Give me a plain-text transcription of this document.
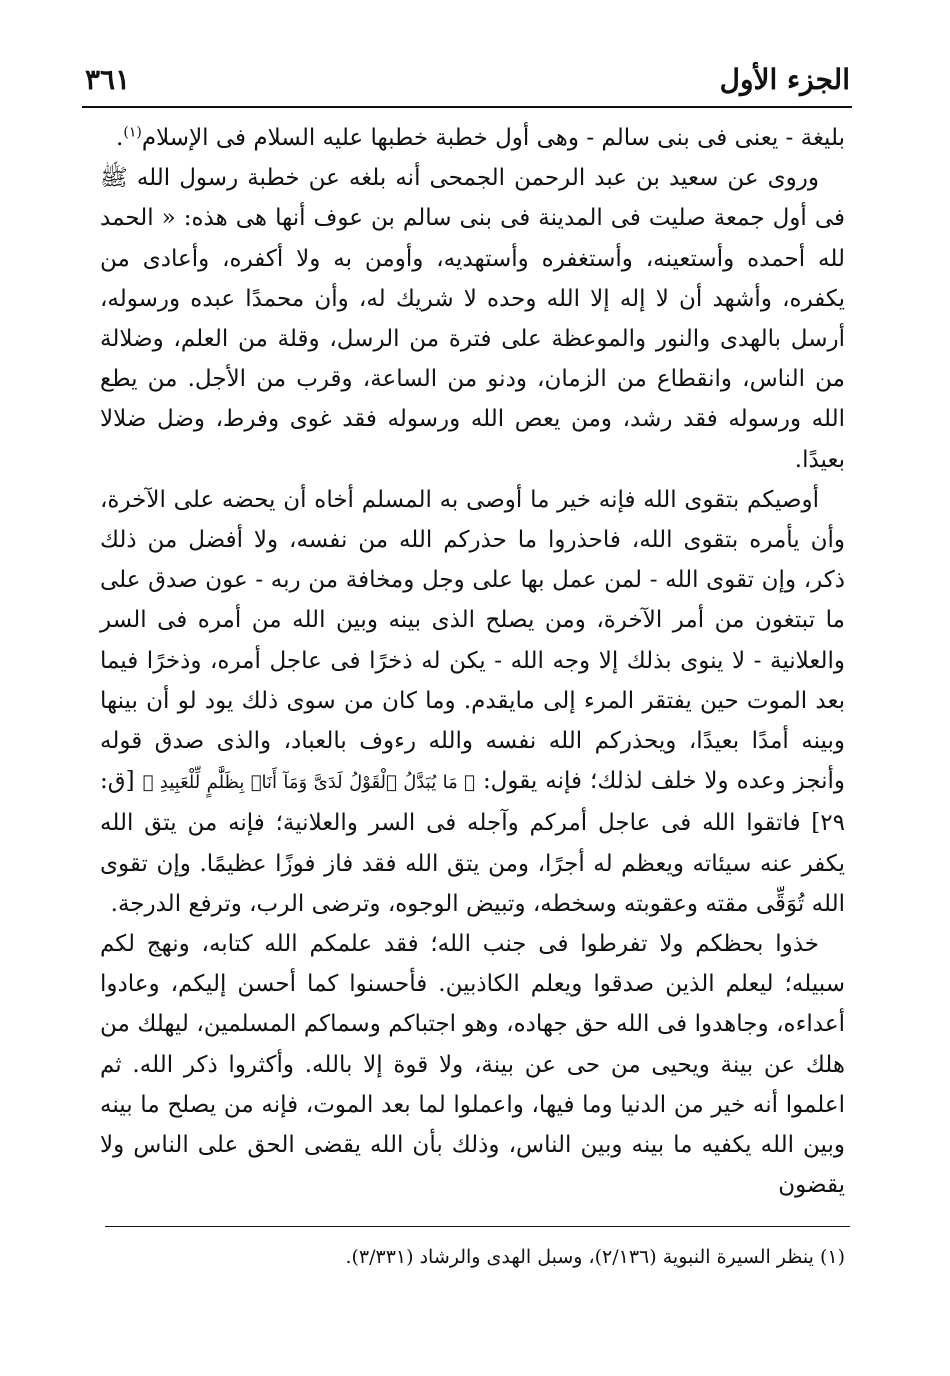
٣٦١	الجزء الأول

بليغة - يعنى فى بنى سالم - وهى أول خطبة خطبها عليه السلام فى الإسلام$^{(١)}$.

وروى عن سعيد بن عبد الرحمن الجمحى أنه بلغه عن خطبة رسول الله ﷺ فى أول جمعة صليت فى المدينة فى بنى سالم بن عوف أنها هى هذه: « الحمد لله أحمده وأستعينه، وأستغفره وأستهديه، وأومن به ولا أكفره، وأعادى من يكفره، وأشهد أن لا إله إلا الله وحده لا شريك له، وأن محمدًا عبده ورسوله، أرسل بالهدى والنور والموعظة على فترة من الرسل، وقلة من العلم، وضلالة من الناس، وانقطاع من الزمان، ودنو من الساعة، وقرب من الأجل. من يطع الله ورسوله فقد رشد، ومن يعص الله ورسوله فقد غوى وفرط، وضل ضلالا بعيدًا.

أوصيكم بتقوى الله فإنه خير ما أوصى به المسلم أخاه أن يحضه على الآخرة، وأن يأمره بتقوى الله، فاحذروا ما حذركم الله من نفسه، ولا أفضل من ذلك ذكر، وإن تقوى الله - لمن عمل بها على وجل ومخافة من ربه - عون صدق على ما تبتغون من أمر الآخرة، ومن يصلح الذى بينه وبين الله من أمره فى السر والعلانية - لا ينوى بذلك إلا وجه الله - يكن له ذخرًا فى عاجل أمره، وذخرًا فيما بعد الموت حين يفتقر المرء إلى مايقدم. وما كان من سوى ذلك يود لو أن بينها وبينه أمدًا بعيدًا، ويحذركم الله نفسه والله رءوف بالعباد، والذى صدق قوله وأنجز وعده ولا خلف لذلك؛ فإنه يقول: ﴿ مَا يُبَدَّلُ ٱلْقَوْلُ لَدَىَّ وَمَآ أَنَا۠ بِظَلَّٰمٍ لِّلْعَبِيدِ ﴾ [ق: ٢٩] فاتقوا الله فى عاجل أمركم وآجله فى السر والعلانية؛ فإنه من يتق الله يكفر عنه سيئاته ويعظم له أجرًا، ومن يتق الله فقد فاز فوزًا عظيمًا. وإن تقوى الله تُوَقِّى مقته وعقوبته وسخطه، وتبيض الوجوه، وترضى الرب، وترفع الدرجة.

خذوا بحظكم ولا تفرطوا فى جنب الله؛ فقد علمكم الله كتابه، ونهج لكم سبيله؛ ليعلم الذين صدقوا ويعلم الكاذبين. فأحسنوا كما أحسن إليكم، وعادوا أعداءه، وجاهدوا فى الله حق جهاده، وهو اجتباكم وسماكم المسلمين، ليهلك من هلك عن بينة ويحيى من حى عن بينة، ولا قوة إلا بالله. وأكثروا ذكر الله. ثم اعلموا أنه خير من الدنيا وما فيها، واعملوا لما بعد الموت، فإنه من يصلح ما بينه وبين الله يكفيه ما بينه وبين الناس، وذلك بأن الله يقضى الحق على الناس ولا يقضون

(١) ينظر السيرة النبوية (٢/١٣٦)، وسبل الهدى والرشاد (٣/٣٣١).
